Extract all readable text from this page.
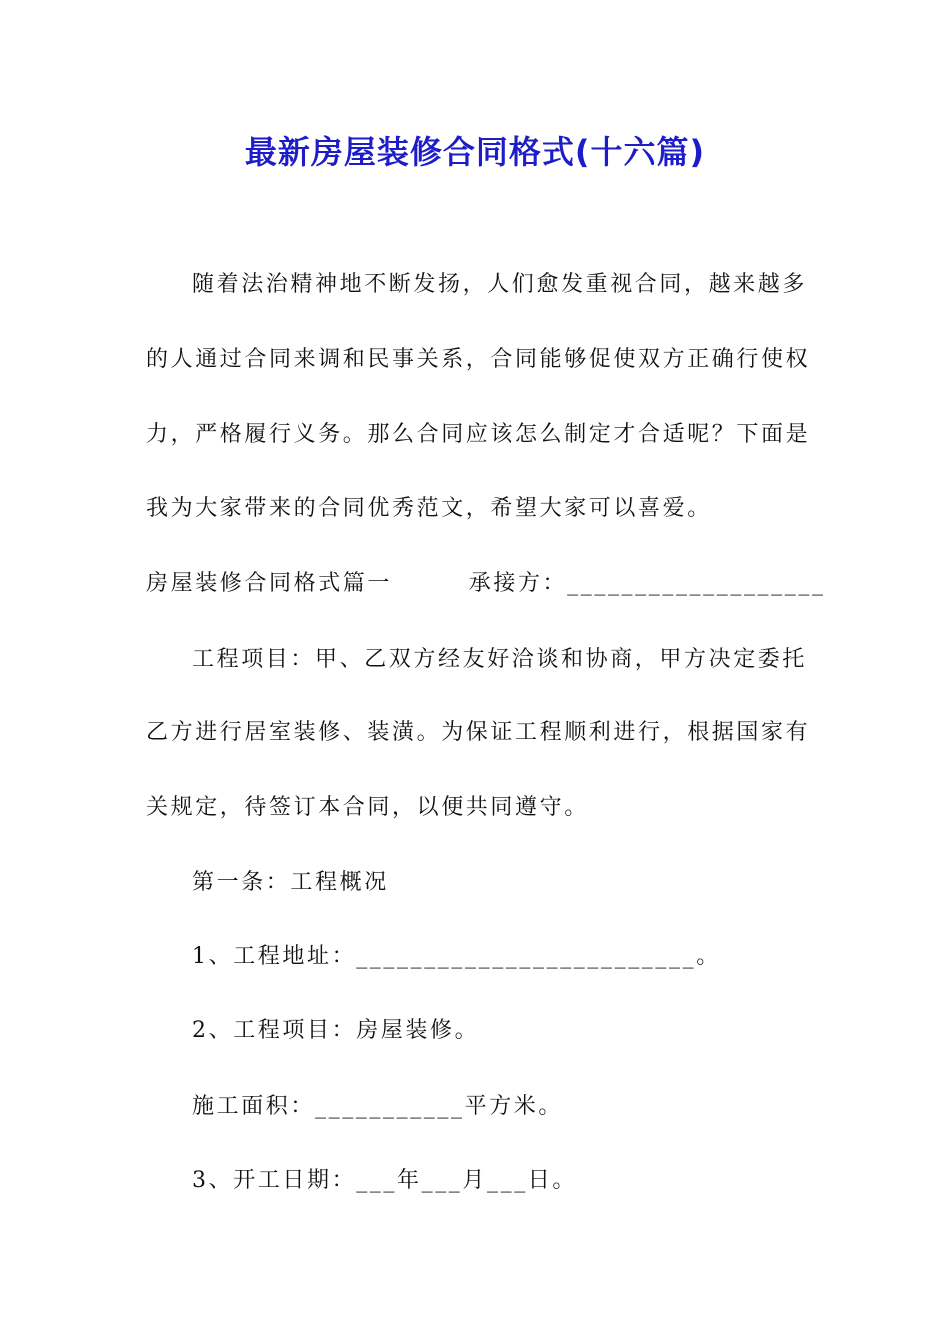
最新房屋装修合同格式(十六篇)
随着法治精神地不断发扬，人们愈发重视合同，越来越多
的人通过合同来调和民事关系，合同能够促使双方正确行使权
力，严格履行义务。那么合同应该怎么制定才合适呢？下面是
我为大家带来的合同优秀范文，希望大家可以喜爱。
房屋装修合同格式篇一        承接方：___________________
工程项目：甲、乙双方经友好洽谈和协商，甲方决定委托
乙方进行居室装修、装潢。为保证工程顺利进行，根据国家有
关规定，待签订本合同，以便共同遵守。
第一条：工程概况
1、工程地址：_________________________。
2、工程项目：房屋装修。
施工面积：___________平方米。
3、开工日期：___年___月___日。
